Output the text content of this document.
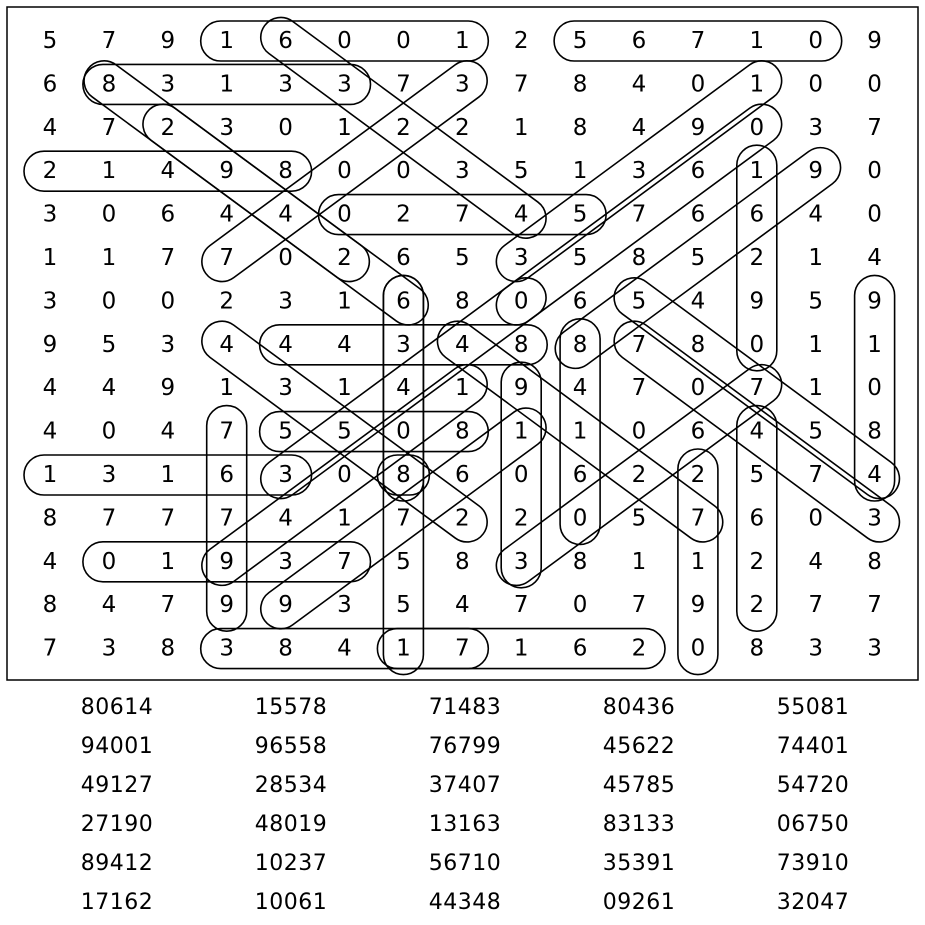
5 7 9 1 6 0 0 1 2 5 6 7 1 0 9
6 8 3 1 3 3 7 3 7 8 4 0 1 0 0
4 7 2 3 0 1 2 2 1 8 4 9 0 3 7
2 1 4 9 8 0 0 3 5 1 3 6 1 9 0
3 0 6 4 4 0 2 7 4 5 7 6 6 4 0
1 1 7 7 0 2 6 5 3 5 8 5 2 1 4
3 0 0 2 3 1 6 8 0 6 5 4 9 5 9
9 5 3 4 4 4 3 4 8 8 7 8 0 1 1
4 4 9 1 3 1 4 1 9 4 7 0 7 1 0
4 0 4 7 5 5 0 8 1 1 0 6 4 5 8
1 3 1 6 3 0 8 6 0 6 2 2 5 7 4
8 7 7 7 4 1 7 2 2 0 5 7 6 0 3
4 0 1 9 3 7 5 8 3 8 1 1 2 4 8
8 4 7 9 9 3 5 4 7 0 7 9 2 7 7
7 3 8 3 8 4 1 7 1 6 2 0 8 3 3
80614	15578	71483	80436	55081
94001	96558	76799	45622	74401
49127	28534	37407	45785	54720
27190	48019	13163	83133	06750
89412	10237	56710	35391	73910
17162	10061	44348	09261	32047
